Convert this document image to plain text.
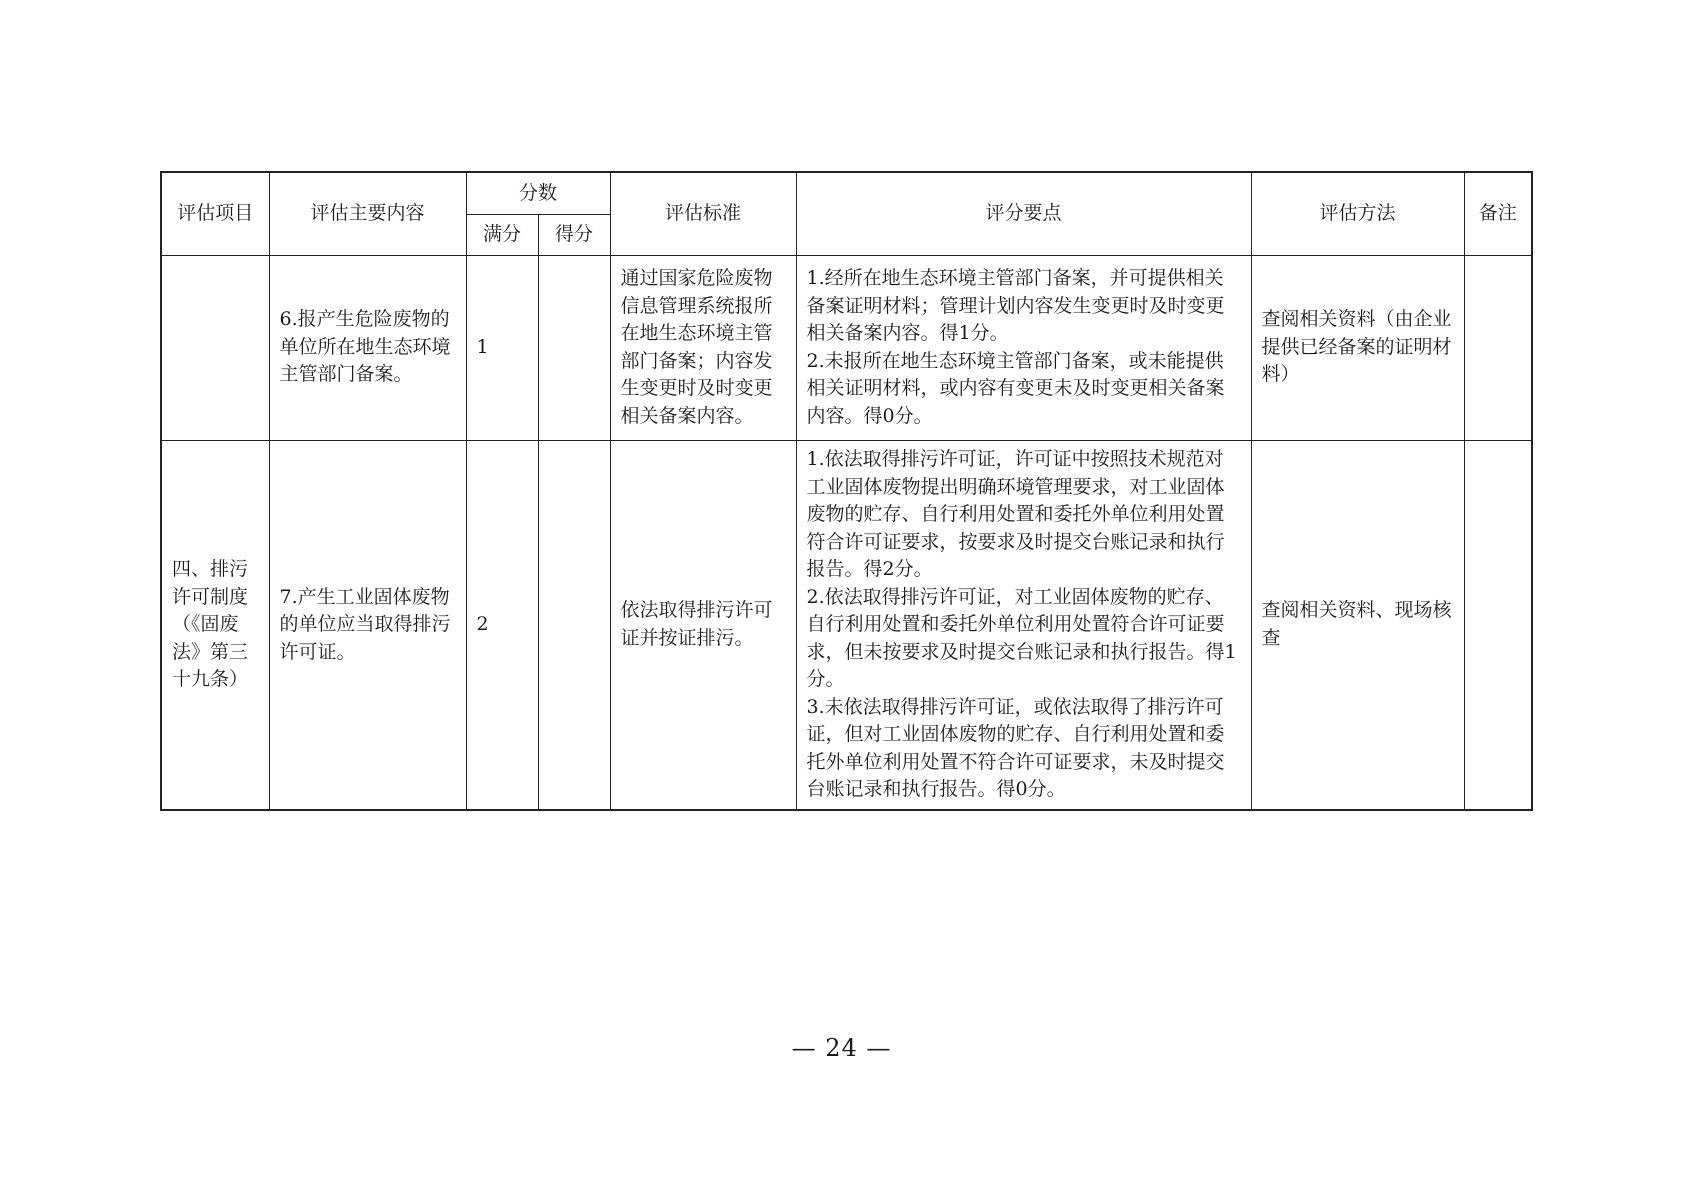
评估项目	评估主要内容	分数		评估标准	评分要点	评估方法	备注
		满分	得分				
	6.报产生危险废物的单位所在地生态环境主管部门备案。	1		通过国家危险废物信息管理系统报所在地生态环境主管部门备案；内容发生变更时及时变更相关备案内容。	1.经所在地生态环境主管部门备案，并可提供相关备案证明材料；管理计划内容发生变更时及时变更相关备案内容。得1分。
2.未报所在地生态环境主管部门备案，或未能提供相关证明材料，或内容有变更未及时变更相关备案内容。得0分。	查阅相关资料（由企业提供已经备案的证明材料）	
四、排污许可制度（《固废法》第三十九条）	7.产生工业固体废物的单位应当取得排污许可证。	2		依法取得排污许可证并按证排污。	1.依法取得排污许可证，许可证中按照技术规范对工业固体废物提出明确环境管理要求，对工业固体废物的贮存、自行利用处置和委托外单位利用处置符合许可证要求，按要求及时提交台账记录和执行报告。得2分。
2.依法取得排污许可证，对工业固体废物的贮存、自行利用处置和委托外单位利用处置符合许可证要求，但未按要求及时提交台账记录和执行报告。得1分。
3.未依法取得排污许可证，或依法取得了排污许可证，但对工业固体废物的贮存、自行利用处置和委托外单位利用处置不符合许可证要求，未及时提交台账记录和执行报告。得0分。	查阅相关资料、现场核查	
— 24 —
